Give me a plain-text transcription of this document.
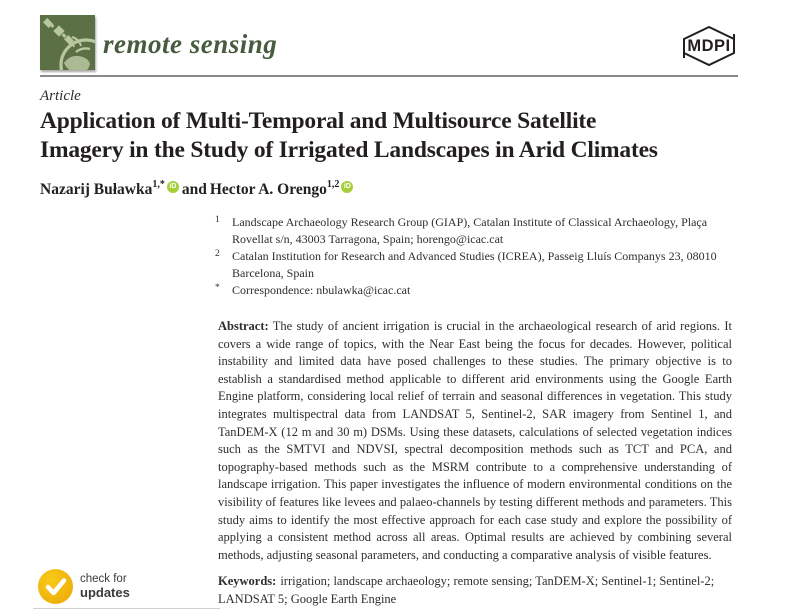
remote sensing	MDPI
Article
Application of Multi-Temporal and Multisource Satellite
Imagery in the Study of Irrigated Landscapes in Arid Climates
Nazarij Buławka$^{1,*}$ iD and Hector A. Orengo$^{1,2}$ iD
1	Landscape Archaeology Research Group (GIAP), Catalan Institute of Classical Archaeology, Plaça Rovellat s/n, 43003 Tarragona, Spain; horengo@icac.cat
2	Catalan Institution for Research and Advanced Studies (ICREA), Passeig Lluís Companys 23, 08010 Barcelona, Spain
*	Correspondence: nbulawka@icac.cat

Abstract: The study of ancient irrigation is crucial in the archaeological research of arid regions. It covers a wide range of topics, with the Near East being the focus for decades. However, political instability and limited data have posed challenges to these studies. The primary objective is to establish a standardised method applicable to different arid environments using the Google Earth Engine platform, considering local relief of terrain and seasonal differences in vegetation. This study integrates multispectral data from LANDSAT 5, Sentinel-2, SAR imagery from Sentinel 1, and TanDEM-X (12 m and 30 m) DSMs. Using these datasets, calculations of selected vegetation indices such as the SMTVI and NDVSI, spectral decomposition methods such as TCT and PCA, and topography-based methods such as the MSRM contribute to a comprehensive understanding of landscape irrigation. This paper investigates the influence of modern environmental conditions on the visibility of features like levees and palaeo-channels by testing different methods and parameters. This study aims to identify the most effective approach for each case study and explore the possibility of applying a consistent method across all areas. Optimal results are achieved by combining several methods, adjusting seasonal parameters, and conducting a comparative analysis of visible features.

Keywords: irrigation; landscape archaeology; remote sensing; TanDEM-X; Sentinel-1; Sentinel-2; LANDSAT 5; Google Earth Engine

check for
updates
